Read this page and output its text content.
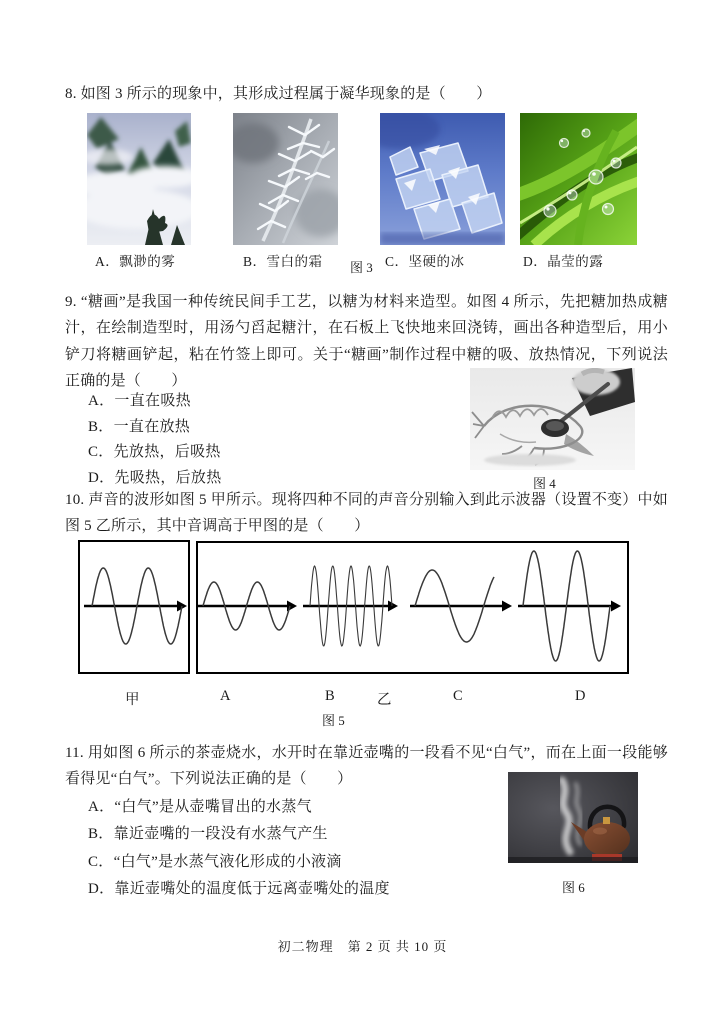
8. 如图 3 所示的现象中，其形成过程属于凝华现象的是（　　）
A．飘渺的雾	B．雪白的霜 图 3 C．坚硬的冰	D．晶莹的露
9. “糖画”是我国一种传统民间手工艺，以糖为材料来造型。如图 4 所示，先把糖加热成糖汁，在绘制造型时，用汤勺舀起糖汁，在石板上飞快地来回浇铸，画出各种造型后，用小铲刀将糖画铲起，粘在竹签上即可。关于“糖画”制作过程中糖的吸、放热情况，下列说法正确的是（　　）
A．一直在吸热
B．一直在放热
C．先放热，后吸热
D．先吸热，后放热	图 4
10. 声音的波形如图 5 甲所示。现将四种不同的声音分别输入到此示波器（设置不变）中如图 5 乙所示，其中音调高于甲图的是（　　）
甲	A	B	乙	C	D
图 5
11. 用如图 6 所示的茶壶烧水，水开时在靠近壶嘴的一段看不见“白气”，而在上面一段能够看得见“白气”。下列说法正确的是（　　）
A．“白气”是从壶嘴冒出的水蒸气
B．靠近壶嘴的一段没有水蒸气产生
C．“白气”是水蒸气液化形成的小液滴
D．靠近壶嘴处的温度低于远离壶嘴处的温度	图 6
初二物理　第 2 页 共 10 页
